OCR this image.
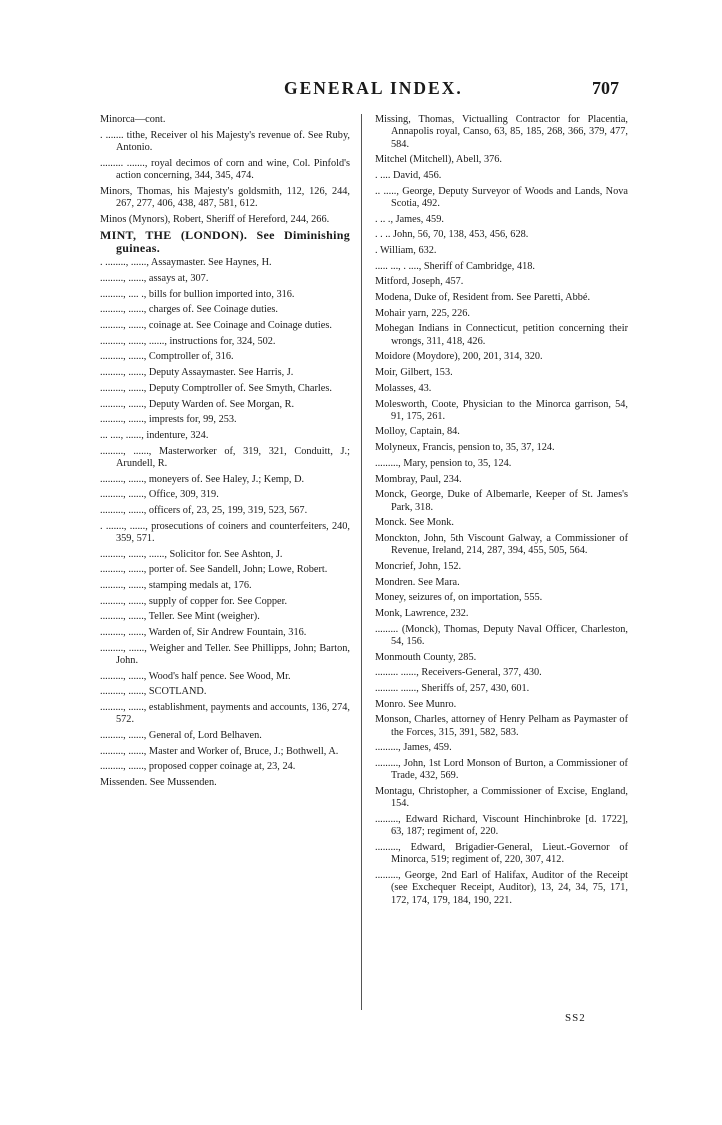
GENERAL INDEX.	707
Minorca—cont.
. ....... tithe, Receiver ol his Majesty's revenue of. See Ruby, Antonio.
......... ......., royal decimos of corn and wine, Col. Pinfold's action concerning, 344, 345, 474.
Minors, Thomas, his Majesty's goldsmith, 112, 126, 244, 267, 277, 406, 438, 487, 581, 612.
Minos (Mynors), Robert, Sheriff of Hereford, 244, 266.
MINT, THE (LONDON). See Diminishing guineas.
. ........, ......, Assaymaster. See Haynes, H.
........., ......, assays at, 307.
........., .... ., bills for bullion imported into, 316.
........., ......, charges of. See Coinage duties.
........., ......, coinage at. See Coinage and Coinage duties.
........., ......, ......, instructions for, 324, 502.
........., ......, Comptroller of, 316.
........., ......, Deputy Assaymaster. See Harris, J.
........., ......, Deputy Comptroller of. See Smyth, Charles.
........., ......, Deputy Warden of. See Morgan, R.
........., ......, imprests for, 99, 253.
... ...., ......, indenture, 324.
........., ......, Masterworker of, 319, 321, Conduitt, J.; Arundell, R.
........., ......, moneyers of. See Haley, J.; Kemp, D.
........., ......, Office, 309, 319.
........., ......, officers of, 23, 25, 199, 319, 523, 567.
. ......., ......, prosecutions of coiners and counterfeiters, 240, 359, 571.
........., ......, ......, Solicitor for. See Ashton, J.
........., ......, porter of. See Sandell, John; Lowe, Robert.
........., ......, stamping medals at, 176.
........., ......, supply of copper for. See Copper.
........., ......, Teller. See Mint (weigher).
........., ......, Warden of, Sir Andrew Fountain, 316.
........., ......, Weigher and Teller. See Phillipps, John; Barton, John.
........., ......, Wood's half pence. See Wood, Mr.
........., ......, SCOTLAND.
........., ......, establishment, payments and accounts, 136, 274, 572.
........., ......, General of, Lord Belhaven.
........., ......, Master and Worker of, Bruce, J.; Bothwell, A.
........., ......, proposed copper coinage at, 23, 24.
Missenden. See Mussenden.
Missing, Thomas, Victualling Contractor for Placentia, Annapolis royal, Canso, 63, 85, 185, 268, 366, 379, 477, 584.
Mitchel (Mitchell), Abell, 376.
. .... David, 456.
.. ....., George, Deputy Surveyor of Woods and Lands, Nova Scotia, 492.
. .. ., James, 459.
. . .. John, 56, 70, 138, 453, 456, 628.
. William, 632.
..... ..., . ...., Sheriff of Cambridge, 418.
Mitford, Joseph, 457.
Modena, Duke of, Resident from. See Paretti, Abbé.
Mohair yarn, 225, 226.
Mohegan Indians in Connecticut, petition concerning their wrongs, 311, 418, 426.
Moidore (Moydore), 200, 201, 314, 320.
Moir, Gilbert, 153.
Molasses, 43.
Molesworth, Coote, Physician to the Minorca garrison, 54, 91, 175, 261.
Molloy, Captain, 84.
Molyneux, Francis, pension to, 35, 37, 124.
........., Mary, pension to, 35, 124.
Mombray, Paul, 234.
Monck, George, Duke of Albemarle, Keeper of St. James's Park, 318.
Monck. See Monk.
Monckton, John, 5th Viscount Galway, a Commissioner of Revenue, Ireland, 214, 287, 394, 455, 505, 564.
Moncrief, John, 152.
Mondren. See Mara.
Money, seizures of, on importation, 555.
Monk, Lawrence, 232.
......... (Monck), Thomas, Deputy Naval Officer, Charleston, 54, 156.
Monmouth County, 285.
......... ......, Receivers-General, 377, 430.
......... ......, Sheriffs of, 257, 430, 601.
Monro. See Munro.
Monson, Charles, attorney of Henry Pelham as Paymaster of the Forces, 315, 391, 582, 583.
........., James, 459.
........., John, 1st Lord Monson of Burton, a Commissioner of Trade, 432, 569.
Montagu, Christopher, a Commissioner of Excise, England, 154.
........., Edward Richard, Viscount Hinchinbroke [d. 1722], 63, 187; regiment of, 220.
........., Edward, Brigadier-General, Lieut.-Governor of Minorca, 519; regiment of, 220, 307, 412.
........., George, 2nd Earl of Halifax, Auditor of the Receipt (see Exchequer Receipt, Auditor), 13, 24, 34, 75, 171, 172, 174, 179, 184, 190, 221.
SS2
